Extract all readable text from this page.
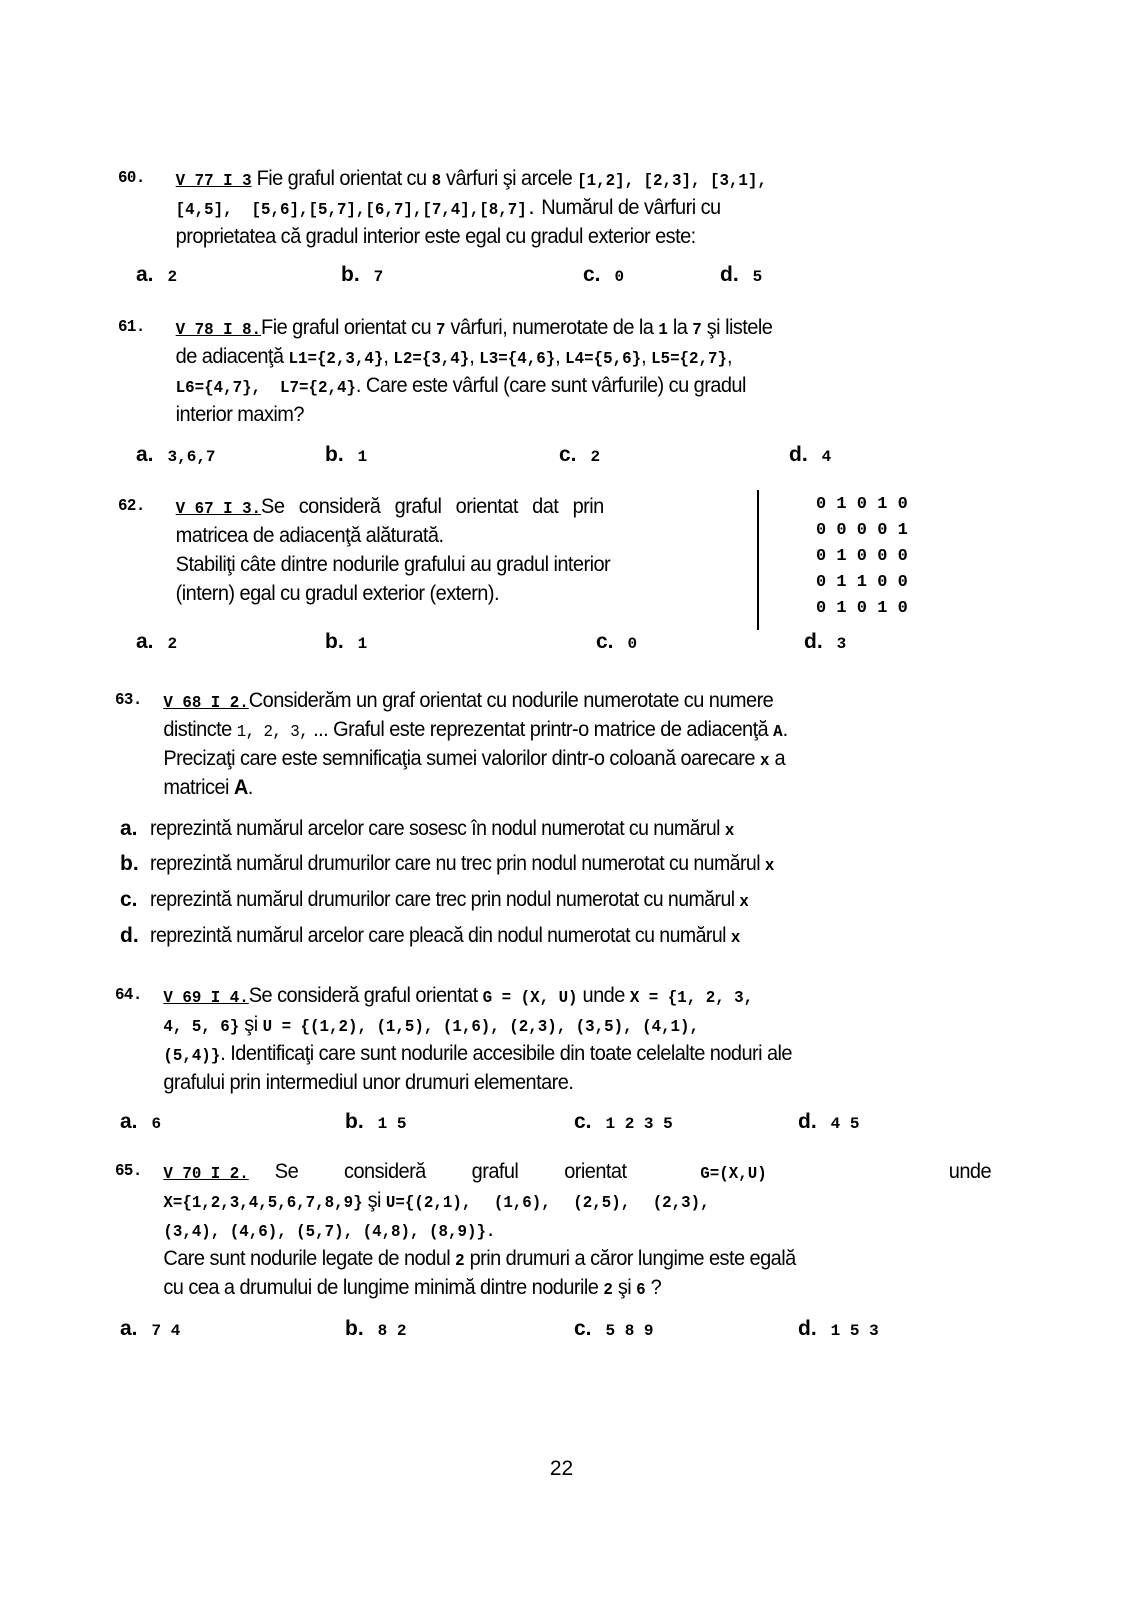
60. V_77_I_3 Fie graful orientat cu 8 vârfuri şi arcele [1,2], [2,3], [3,1],
[4,5],  [5,6],[5,7],[6,7],[7,4],[8,7]. Numărul de vârfuri cu
proprietatea că gradul interior este egal cu gradul exterior este:
a. 2	b. 7	c. 0	d. 5
61. V_78_I_8.Fie graful orientat cu 7 vârfuri, numerotate de la 1 la 7 şi listele
de adiacenţă L1={2,3,4}, L2={3,4}, L3={4,6}, L4={5,6}, L5={2,7},
L6={4,7},  L7={2,4}. Care este vârful (care sunt vârfurile) cu gradul
interior maxim?
a. 3,6,7	b. 1	c. 2	d. 4
62. V_67_I_3.Se consideră graful orientat dat prin
matricea de adiacenţă alăturată.
Stabiliţi câte dintre nodurile grafului au gradul interior
(intern) egal cu gradul exterior (extern).
0 1 0 1 0
0 0 0 0 1
0 1 0 0 0
0 1 1 0 0
0 1 0 1 0
a. 2	b. 1	c. 0	d. 3
63. V_68_I_2.Considerăm un graf orientat cu nodurile numerotate cu numere
distincte 1, 2, 3, ... Graful este reprezentat printr-o matrice de adiacenţă A.
Precizaţi care este semnificaţia sumei valorilor dintr-o coloană oarecare x a
matricei A.
a. reprezintă numărul arcelor care sosesc în nodul numerotat cu numărul x
b. reprezintă numărul drumurilor care nu trec prin nodul numerotat cu numărul x
c. reprezintă numărul drumurilor care trec prin nodul numerotat cu numărul x
d. reprezintă numărul arcelor care pleacă din nodul numerotat cu numărul x
64. V_69_I_4.Se consideră graful orientat G = (X, U) unde X = {1, 2, 3,
4, 5, 6} şi U = {(1,2), (1,5), (1,6), (2,3), (3,5), (4,1),
(5,4)}. Identificaţi care sunt nodurile accesibile din toate celelalte noduri ale
grafului prin intermediul unor drumuri elementare.
a. 6	b. 1 5	c. 1 2 3 5	d. 4 5
65. V_70_I_2. Se consideră graful orientat G=(X,U)	unde
X={1,2,3,4,5,6,7,8,9} şi U={(2,1), (1,6), (2,5), (2,3),
(3,4), (4,6), (5,7), (4,8), (8,9)}.
Care sunt nodurile legate de nodul 2 prin drumuri a căror lungime este egală
cu cea a drumului de lungime minimă dintre nodurile 2 şi 6 ?
a. 7 4	b. 8 2	c. 5 8 9	d. 1 5 3
22
